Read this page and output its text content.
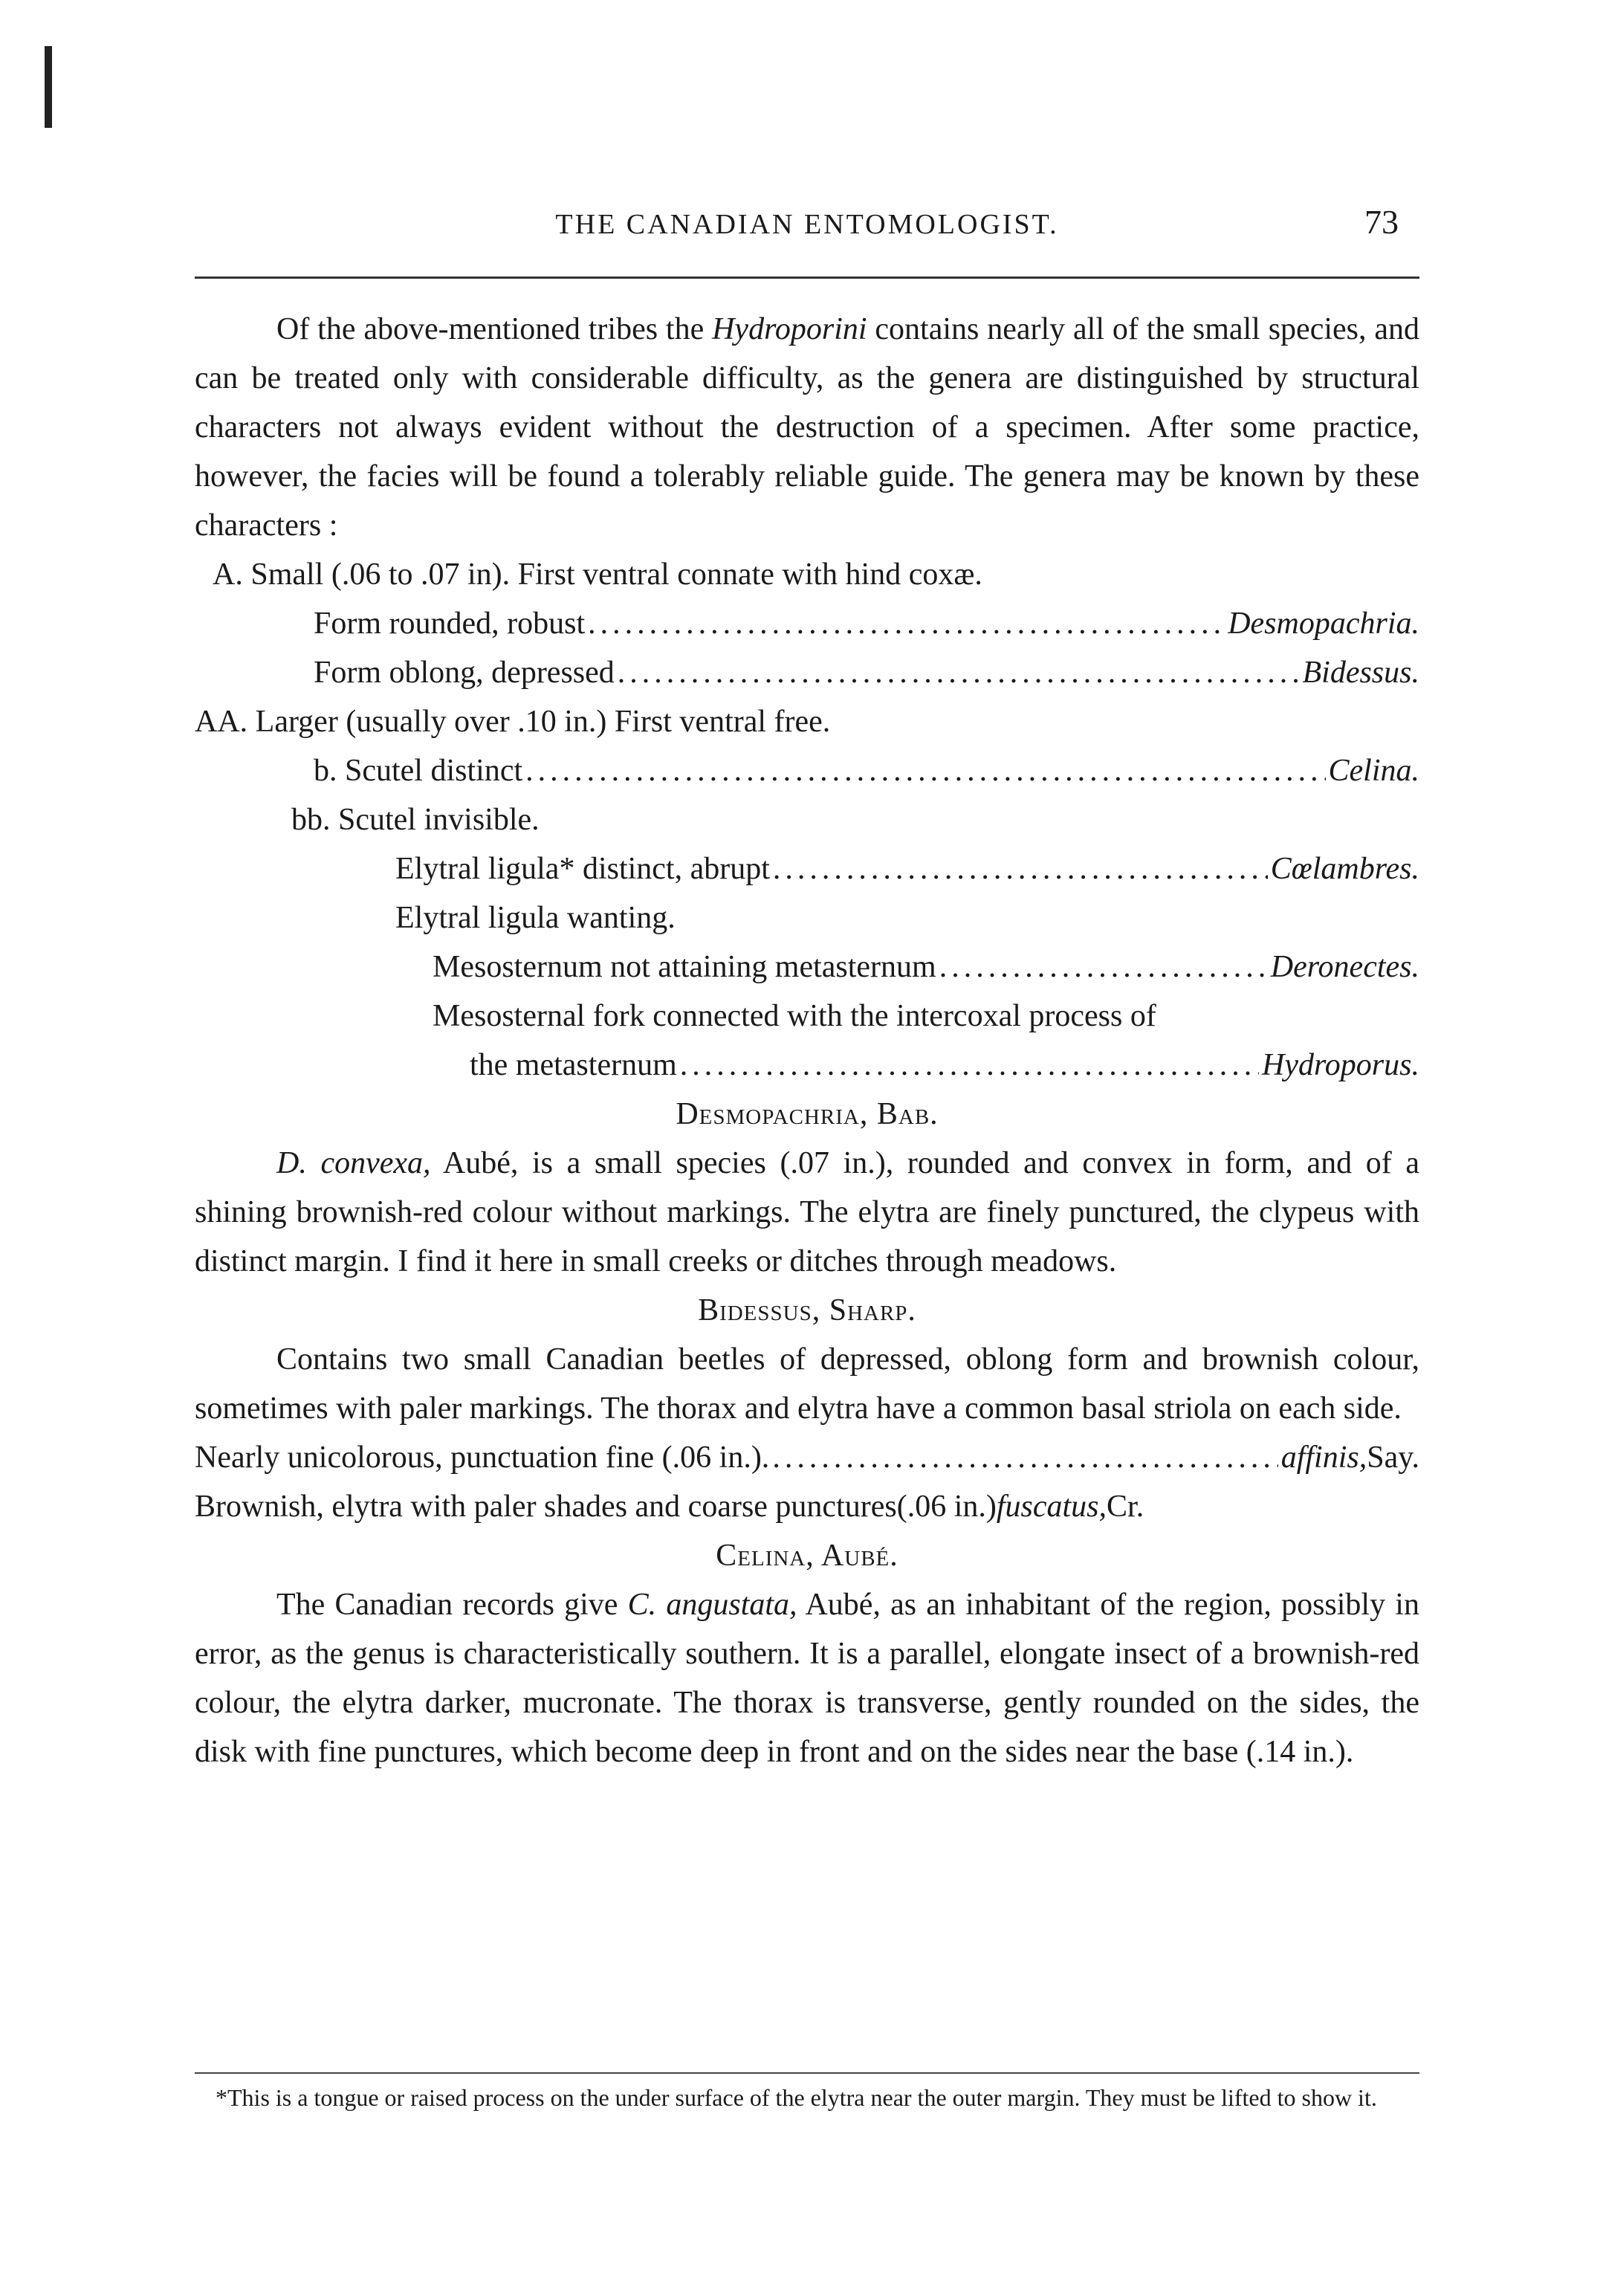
THE CANADIAN ENTOMOLOGIST.	73

Of the above-mentioned tribes the Hydroporini contains nearly all of the small species, and can be treated only with considerable difficulty, as the genera are distinguished by structural characters not always evident without the destruction of a specimen. After some practice, however, the facies will be found a tolerably reliable guide. The genera may be known by these characters :

A. Small (.06 to .07 in). First ventral connate with hind coxæ.
Form rounded, robust .....	Desmopachria.
Form oblong, depressed .....	Bidessus.
AA. Larger (usually over .10 in.) First ventral free.
b. Scutel distinct .....	Celina.
bb. Scutel invisible.
Elytral ligula* distinct, abrupt .....	Cœlambres.
Elytral ligula wanting.
Mesosternum not attaining metasternum .....	Deronectes.
Mesosternal fork connected with the intercoxal process of
the metasternum .....	Hydroporus.
Desmopachria, Bab.

D. convexa, Aubé, is a small species (.07 in.), rounded and convex in form, and of a shining brownish-red colour without markings. The elytra are finely punctured, the clypeus with distinct margin. I find it here in small creeks or ditches through meadows.

Bidessus, Sharp.

Contains two small Canadian beetles of depressed, oblong form and brownish colour, sometimes with paler markings. The thorax and elytra have a common basal striola on each side.

Nearly unicolorous, punctuation fine (.06 in.). .....	affinis, Say.
Brownish, elytra with paler shades and coarse punctures(.06 in.)fuscatus,Cr.
Celina, Aubé.

The Canadian records give C. angustata, Aubé, as an inhabitant of the region, possibly in error, as the genus is characteristically southern. It is a parallel, elongate insect of a brownish-red colour, the elytra darker, mucronate. The thorax is transverse, gently rounded on the sides, the disk with fine punctures, which become deep in front and on the sides near the base (.14 in.).

*This is a tongue or raised process on the under surface of the elytra near the outer margin. They must be lifted to show it.
